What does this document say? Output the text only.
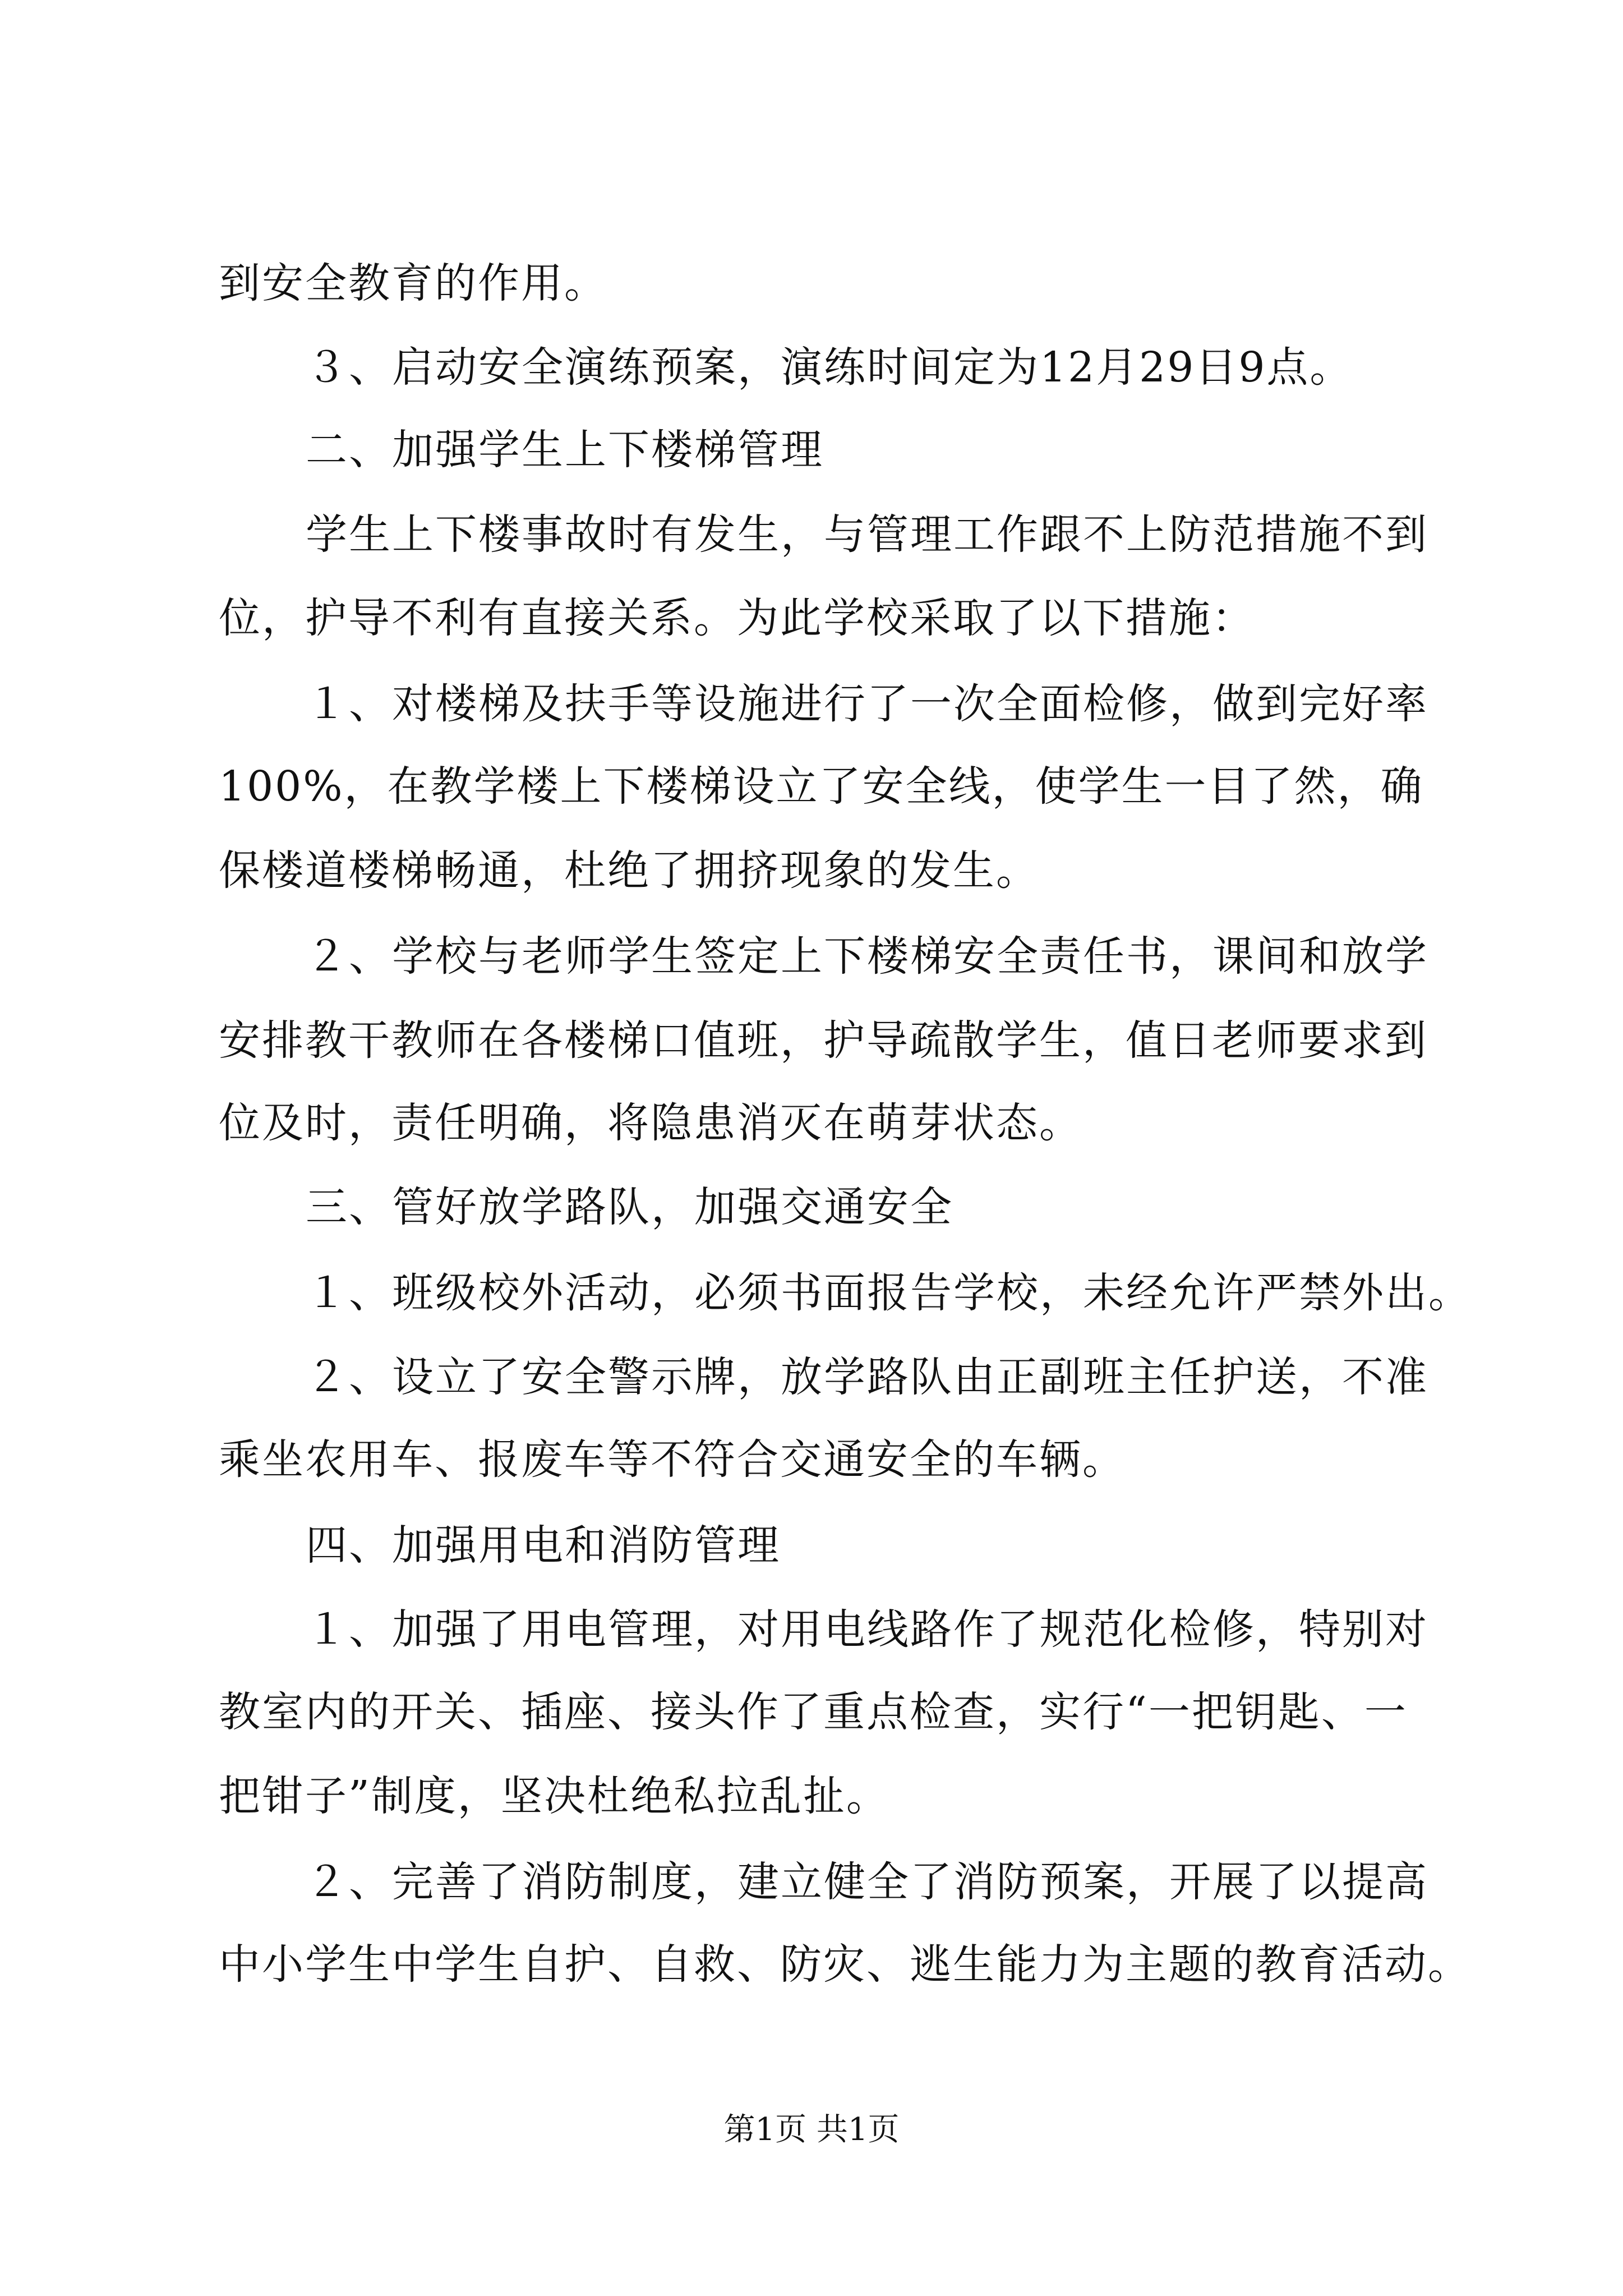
到安全教育的作用。
３、启动安全演练预案，演练时间定为12月29日9点。
二、加强学生上下楼梯管理
学生上下楼事故时有发生，与管理工作跟不上防范措施不到
位，护导不利有直接关系。为此学校采取了以下措施：
１、对楼梯及扶手等设施进行了一次全面检修，做到完好率
100%，在教学楼上下楼梯设立了安全线，使学生一目了然，确
保楼道楼梯畅通，杜绝了拥挤现象的发生。
２、学校与老师学生签定上下楼梯安全责任书，课间和放学
安排教干教师在各楼梯口值班，护导疏散学生，值日老师要求到
位及时，责任明确，将隐患消灭在萌芽状态。
三、管好放学路队，加强交通安全
１、班级校外活动，必须书面报告学校，未经允许严禁外出。
２、设立了安全警示牌，放学路队由正副班主任护送，不准
乘坐农用车、报废车等不符合交通安全的车辆。
四、加强用电和消防管理
１、加强了用电管理，对用电线路作了规范化检修，特别对
教室内的开关、插座、接头作了重点检查，实行“一把钥匙、一
把钳子”制度，坚决杜绝私拉乱扯。
２、完善了消防制度，建立健全了消防预案，开展了以提高
中小学生中学生自护、自救、防灾、逃生能力为主题的教育活动。
第1页 共1页
